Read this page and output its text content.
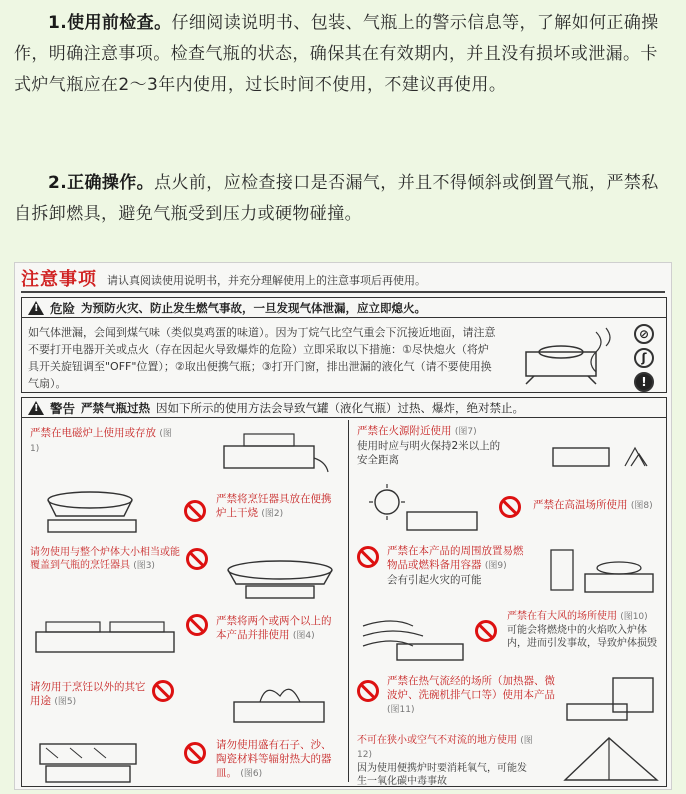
1.使用前检查。仔细阅读说明书、包装、气瓶上的警示信息等，了解如何正确操作，明确注意事项。检查气瓶的状态，确保其在有效期内，并且没有损坏或泄漏。卡式炉气瓶应在2～3年内使用，过长时间不使用，不建议再使用。
2.正确操作。点火前，应检查接口是否漏气，并且不得倾斜或倒置气瓶，严禁私自拆卸燃具，避免气瓶受到压力或硬物碰撞。
注意事项 请认真阅读使用说明书，并充分理解使用上的注意事项后再使用。
!
危险 为预防火灾、防止发生燃气事故，一旦发现气体泄漏，应立即熄火。
如气体泄漏，会闻到煤气味（类似臭鸡蛋的味道）。因为丁烷气比空气重会下沉接近地面，请注意不要打开电器开关或点火（存在因起火导致爆炸的危险）立即采取以下措施：①尽快熄火（将炉具开关旋钮调至"OFF"位置）；②取出便携气瓶；③打开门窗，排出泄漏的液化气（请不要使用换气扇）。
⊘
ʃ
!
!
警告 严禁气瓶过热 因如下所示的使用方法会导致气罐（液化气瓶）过热、爆炸，绝对禁止。
严禁在电磁炉上使用或存放 (图1)
严禁将烹饪器具放在便携炉上干烧 (图2)
请勿使用与整个炉体大小相当或能覆盖到气瓶的烹饪器具 (图3)
严禁将两个或两个以上的本产品并排使用 (图4)
请勿用于烹饪以外的其它用途 (图5)
请勿使用盛有石子、沙、陶瓷材料等辐射热大的器皿。 (图6)
严禁在火源附近使用 (图7)
使用时应与明火保持2米以上的安全距离
严禁在高温场所使用 (图8)
严禁在本产品的周围放置易燃物品或燃料备用容器 (图9)
会有引起火灾的可能
严禁在有大风的场所使用 (图10)
可能会将燃烧中的火焰吹入炉体内，进而引发事故，导致炉体损毁
严禁在热气流经的场所（加热器、微波炉、洗碗机排气口等）使用本产品 (图11)
不可在狭小或空气不对流的地方使用 (图12)
因为使用便携炉时要消耗氧气，可能发生一氧化碳中毒事故
